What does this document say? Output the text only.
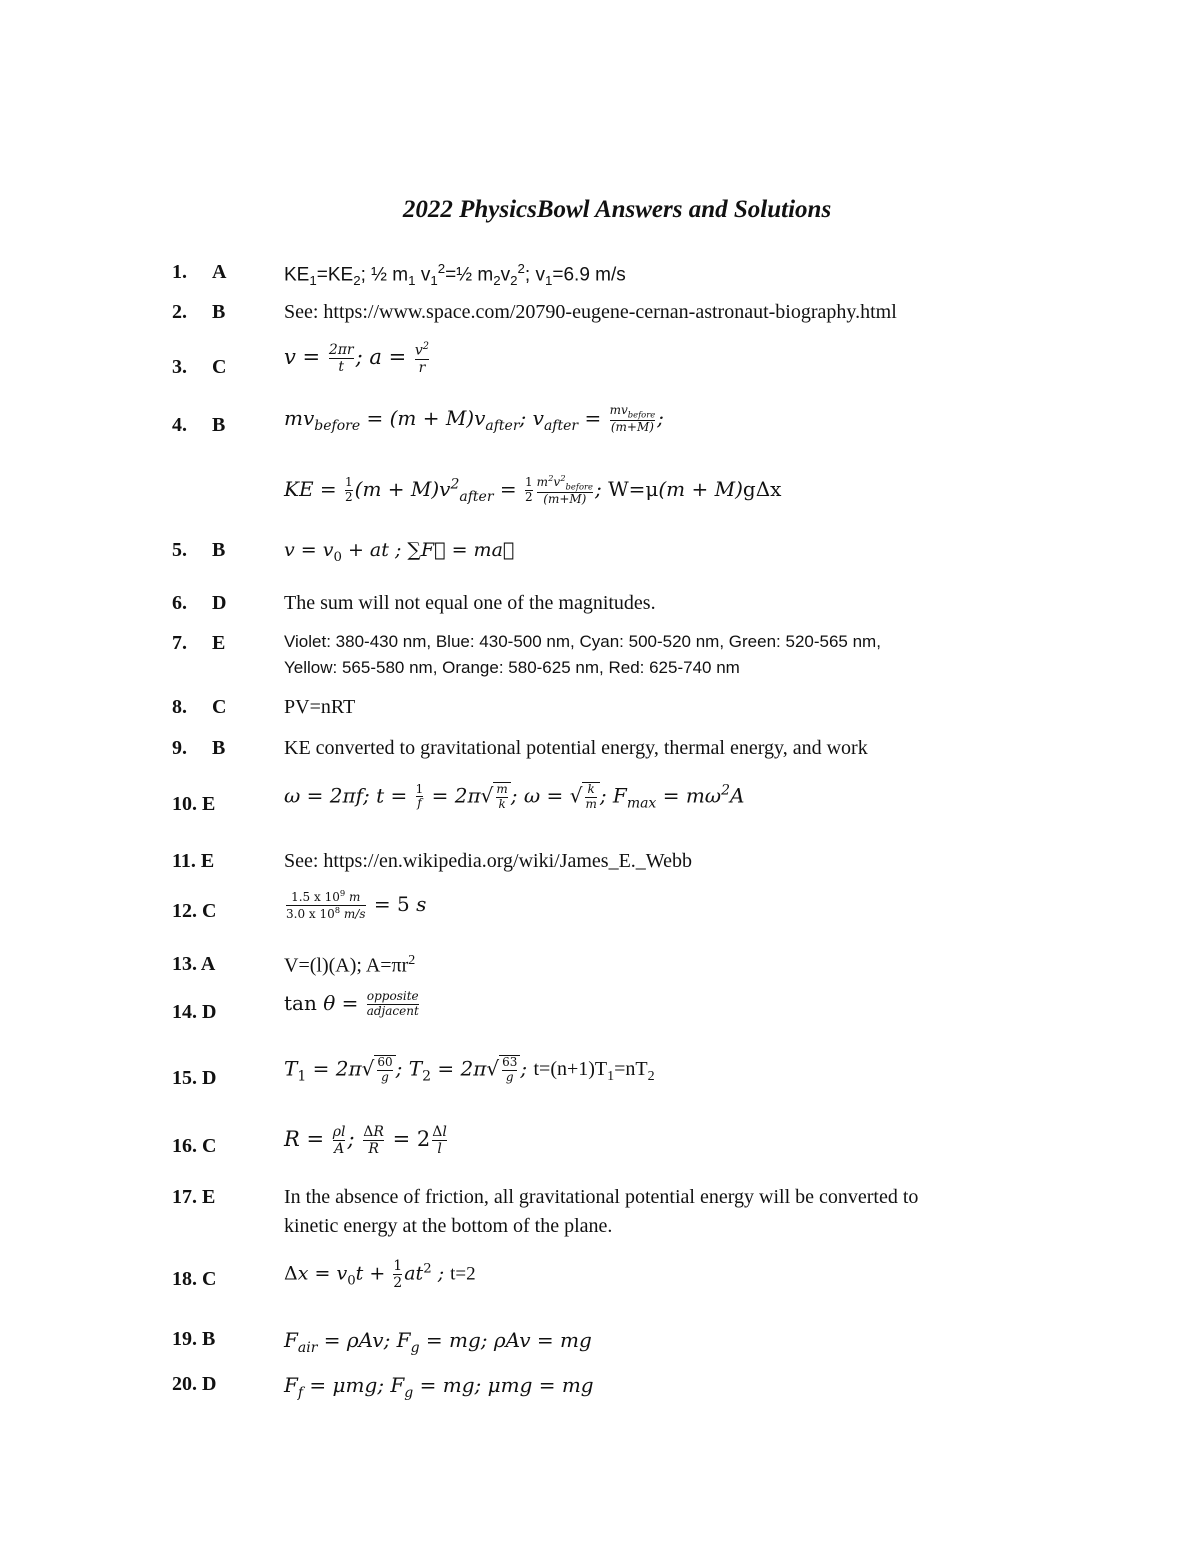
2022 PhysicsBowl Answers and Solutions
1. A	$KE_1=KE_2$; ½ $m_1$ $v_1^2=\frac{1}{2}$ $m_2v_2^2$; $v_1=6.9$ m/s
2. B	See: https://www.space.com/20790-eugene-cernan-astronaut-biography.html
3. C	$v = \frac{2\pi r}{t}$ ; $a = \frac{v^2}{r}$
4. B	$mv_{before} = (m + M)v_{after}$; $v_{after} = \frac{mv_{before}}{(m+M)}$ ;
KE = $\frac{1}{2} (m + M)v^2_{after} = \frac{1}{2} \frac{m^2v^2_{before}}{(m+M)}$ ; W=μ(m + M)gΔx
5. B	$v = v_0$ + at ; ∑F⃗ = ma⃗
6. D	The sum will not equal one of the magnitudes.
7. E	Violet: 380-430 nm, Blue: 430-500 nm, Cyan: 500-520 nm, Green: 520-565 nm,
Yellow: 565-580 nm, Orange: 580-625 nm, Red: 625-740 nm
8. C	PV=nRT
9. B	KE converted to gravitational potential energy, thermal energy, and work
10. E	ω = 2πf; $t = \frac{1}{f} = 2\pi√ \frac{m}{k}$ ; ω = √ $\frac{k}{m}$ ; $F_{max} = m\omega^2A$
11. E	See: https://en.wikipedia.org/wiki/James_E._Webb
12. C	$\frac{1.5 x 10^9 m}{3.0 x 10^8 m/s} = 5$ s
13. A	V=(l)(A); $A=\pi r^2$
14. D	$\tan \theta = \frac{\text{opposite}}{\text{adjacent}}$
15. D	$T_1 = 2\pi√ \frac{60}{g}$ ; $T_2 = 2\pi√ \frac{63}{g}$ ; $t=(n+1)T_1=nT_2$
16. C	$R = \frac{\rho l}{A}$ ; $\frac{\Delta R}{R} = 2 \frac{\Delta l}{l}$
17. E	In the absence of friction, all gravitational potential energy will be converted to
kinetic energy at the bottom of the plane.
18. C	$\Delta x = v_0t + \frac{1}{2} at^2$ ; t=2
19. B	$F_{air} = \rho Av$; $F_g$ = mg; ρAv = mg
20. D	$F_f = \mu mg$; $F_g$ = mg; μmg = mg
